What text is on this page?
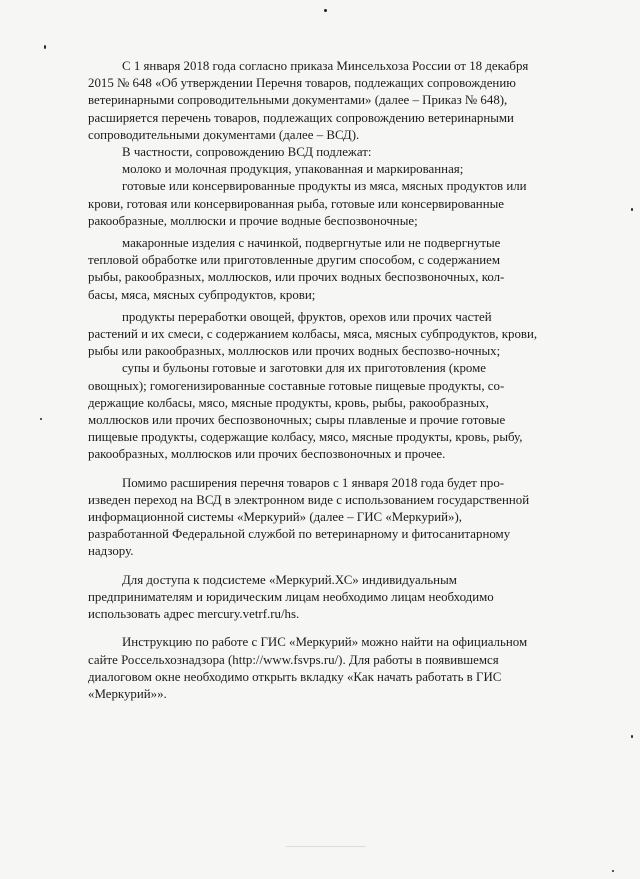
С 1 января 2018 года согласно приказа Минсельхоза России от 18 декабря
2015 № 648 «Об утверждении Перечня товаров, подлежащих сопровождению
ветеринарными сопроводительными документами» (далее – Приказ № 648),
расширяется перечень товаров, подлежащих сопровождению ветеринарными
сопроводительными документами (далее – ВСД).

В частности, сопровождению ВСД подлежат:

молоко и молочная продукция, упакованная и маркированная;

готовые или консервированные продукты из мяса, мясных продуктов или
крови, готовая или консервированная рыба, готовые или консервированные
ракообразные, моллюски и прочие водные беспозвоночные;

макаронные изделия с начинкой, подвергнутые или не подвергнутые
тепловой обработке или приготовленные другим способом, с содержанием
рыбы, ракообразных, моллюсков, или прочих водных беспозвоночных, кол-
басы, мяса, мясных субпродуктов, крови;

продукты переработки овощей, фруктов, орехов или прочих частей
растений и их смеси, с содержанием колбасы, мяса, мясных субпродуктов, крови,
рыбы или ракообразных, моллюсков или прочих водных беспозво-ночных;

супы и бульоны готовые и заготовки для их приготовления (кроме
овощных); гомогенизированные составные готовые пищевые продукты, со-
держащие колбасы, мясо, мясные продукты, кровь, рыбы, ракообразных,
моллюсков или прочих беспозвоночных; сыры плавленые и прочие готовые
пищевые продукты, содержащие колбасу, мясо, мясные продукты, кровь, рыбу,
ракообразных, моллюсков или прочих беспозвоночных и прочее.

Помимо расширения перечня товаров с 1 января 2018 года будет про-
изведен переход на ВСД в электронном виде с использованием государственной
информационной системы «Меркурий» (далее – ГИС «Меркурий»),
разработанной Федеральной службой по ветеринарному и фитосанитарному
надзору.

Для доступа к подсистеме «Меркурий.ХС» индивидуальным
предпринимателям и юридическим лицам необходимо лицам необходимо
использовать адрес mercury.vetrf.ru/hs.

Инструкцию по работе с ГИС «Меркурий» можно найти на официальном
сайте Россельхознадзора (http://www.fsvps.ru/). Для работы в появившемся
диалоговом окне необходимо открыть вкладку «Как начать работать в ГИС
«Меркурий»».
